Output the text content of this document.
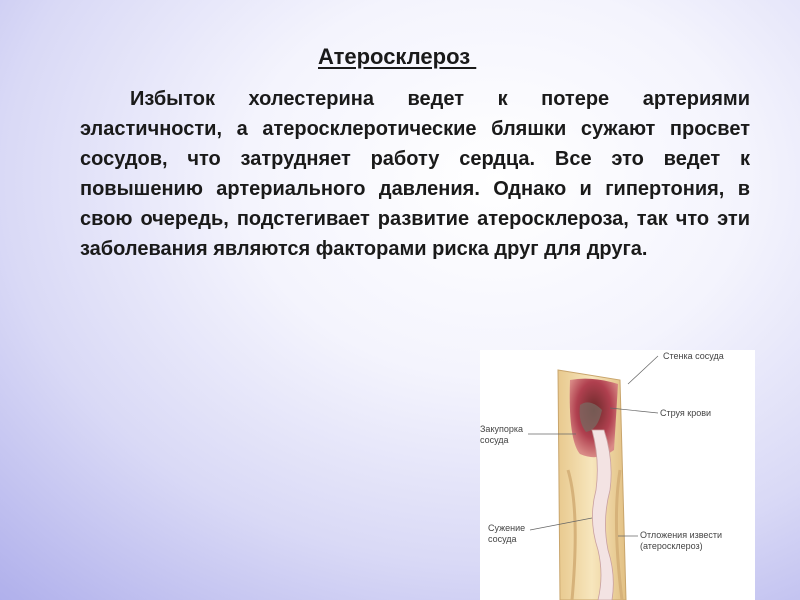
Атеросклероз
Избыток холестерина ведет к потере артериями эластичности, а атеросклеротические бляшки сужают просвет сосудов, что затрудняет работу сердца. Все это ведет к повышению артериального давления. Однако и гипертония, в свою очередь, подстегивает развитие атеросклероза, так что эти заболевания являются факторами риска друг для друга.
Стенка сосуда
Струя крови
Закупорка
сосуда
Сужение
сосуда	Отложения извести
(атеросклероз)
